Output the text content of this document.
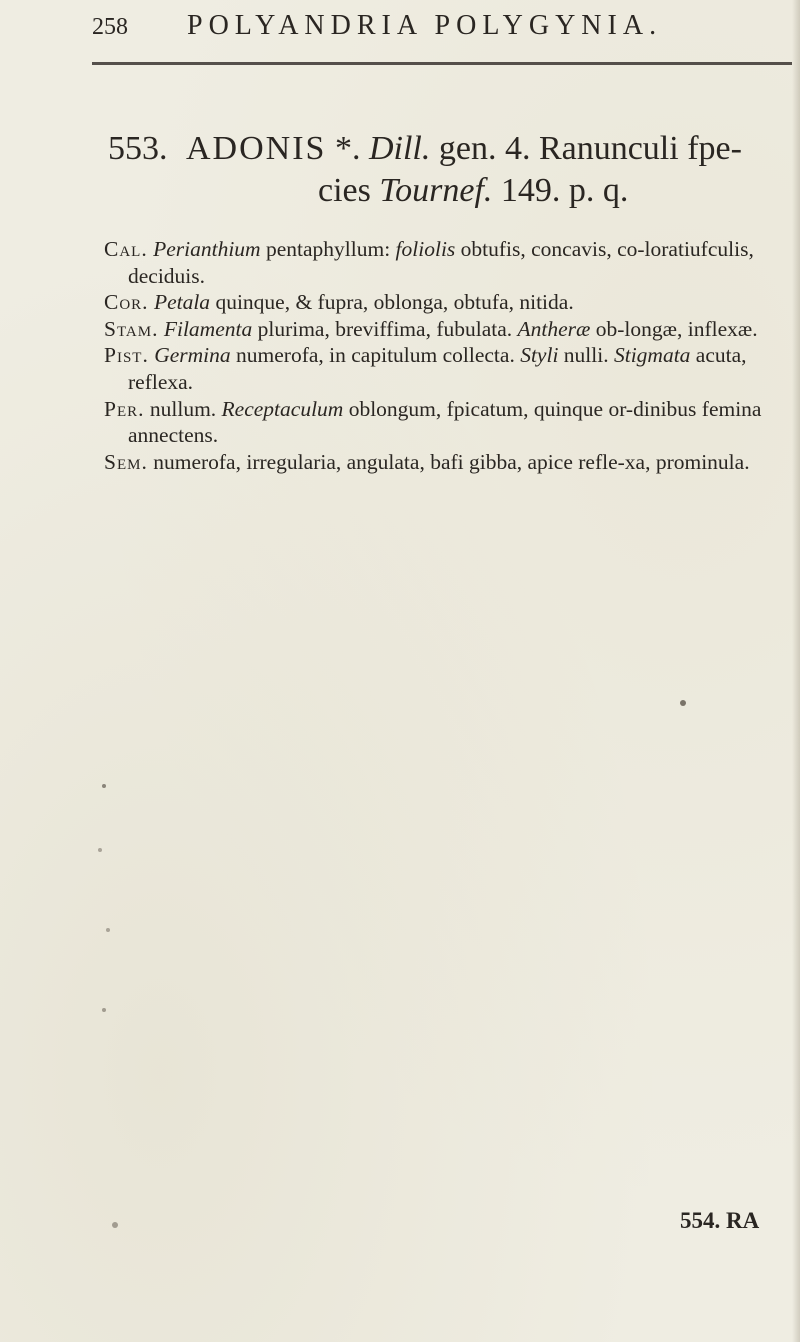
258 POLYANDRIA POLYGYNIA.
553. ADONIS *. Dill. gen. 4. Ranunculi fpe-
cies Tournef. 149. p. q.

Cal. Perianthium pentaphyllum: foliolis obtufis, concavis, co-loratiufculis, deciduis.

Cor. Petala quinque, & fupra, oblonga, obtufa, nitida.

Stam. Filamenta plurima, breviffima, fubulata. Antheræ ob-longæ, inflexæ.

Pist. Germina numerofa, in capitulum collecta. Styli nulli. Stigmata acuta, reflexa.

Per. nullum. Receptaculum oblongum, fpicatum, quinque or-dinibus femina annectens.

Sem. numerofa, irregularia, angulata, bafi gibba, apice refle-xa, prominula.

554. RA
